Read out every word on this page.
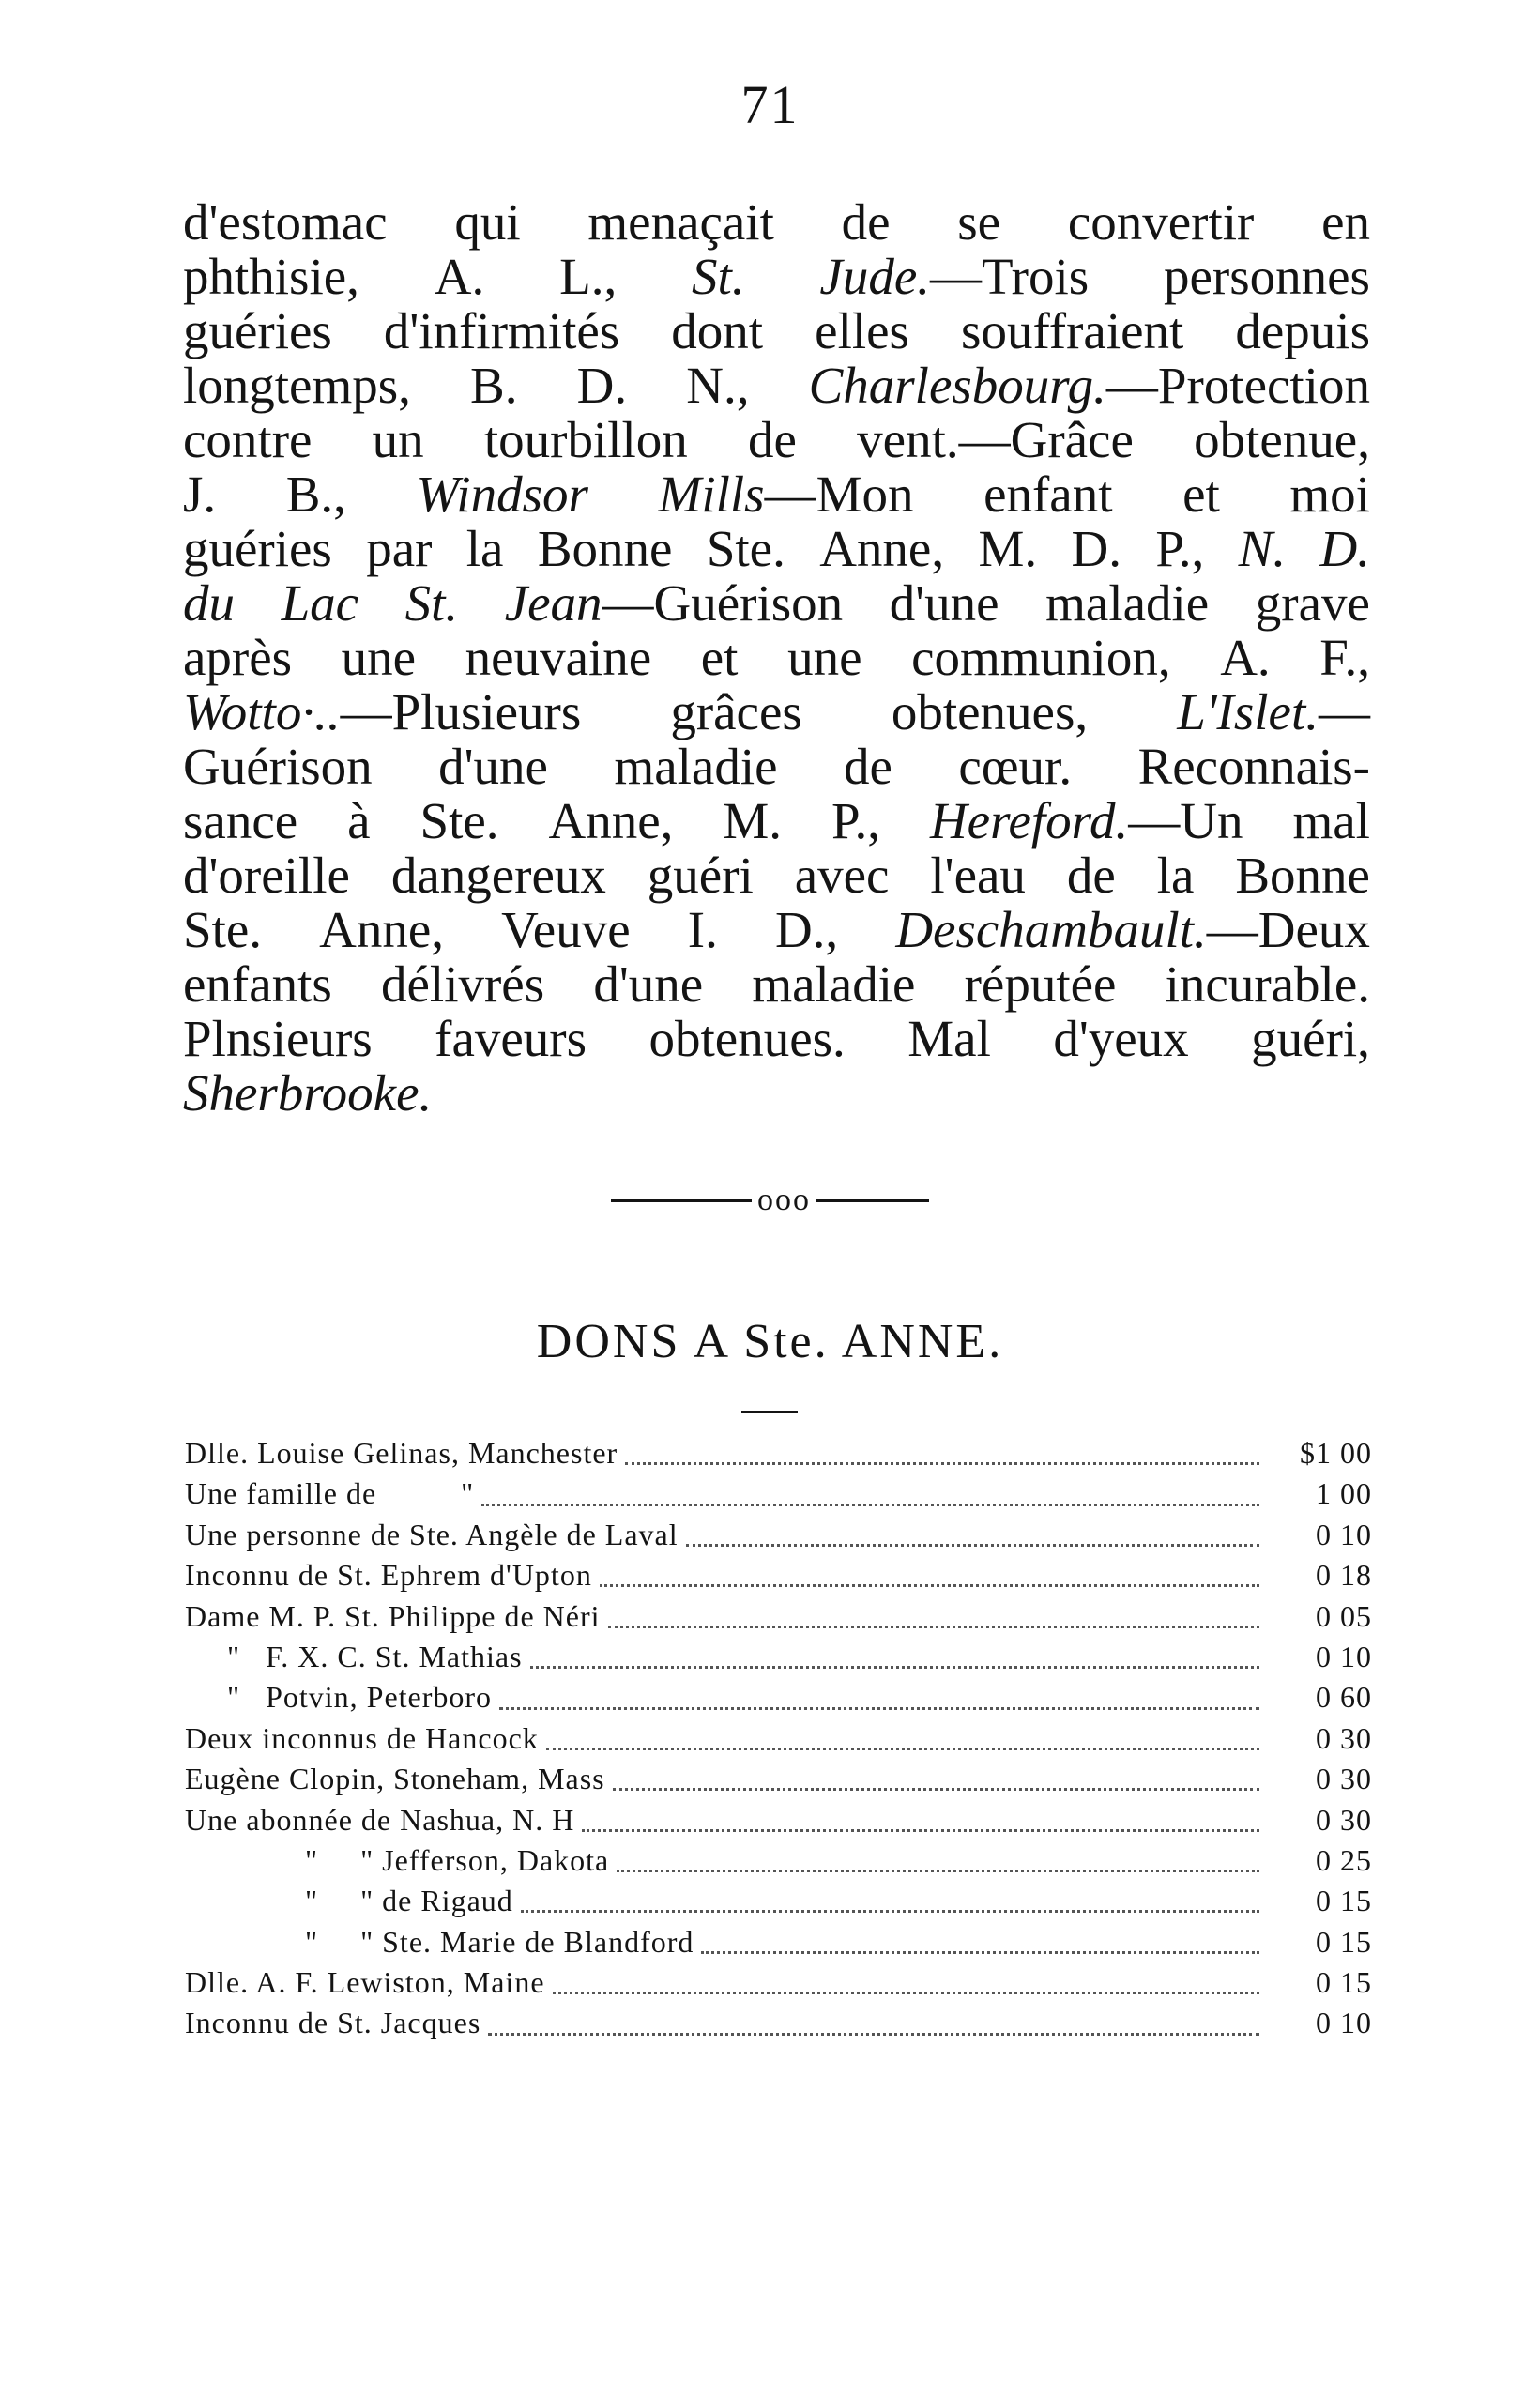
71
d'estomac qui menaçait de se convertir en
phthisie, A. L., St. Jude.—Trois personnes
guéries d'infirmités dont elles souffraient depuis
longtemps, B. D. N., Charlesbourg.—Protection
contre un tourbillon de vent.—Grâce obtenue,
J. B., Windsor Mills—Mon enfant et moi
guéries par la Bonne Ste. Anne, M. D. P., N. D.
du Lac St. Jean—Guérison d'une maladie grave
après une neuvaine et une communion, A. F.,
Wotto·..—Plusieurs grâces obtenues, L'Islet.—
Guérison d'une maladie de cœur. Reconnais-
sance à Ste. Anne, M. P., Hereford.—Un mal
d'oreille dangereux guéri avec l'eau de la Bonne
Ste. Anne, Veuve I. D., Deschambault.—Deux
enfants délivrés d'une maladie réputée incurable.
Plnsieurs faveurs obtenues. Mal d'yeux guéri,
Sherbrooke.
ooo
DONS A Ste. ANNE.
Dlle. Louise Gelinas, Manchester	$1 00
Une famille de          "	1 00
Une personne de Ste. Angèle de Laval	0 10
Inconnu de St. Ephrem d'Upton	0 18
Dame M. P. St. Philippe de Néri	0 05
"   F. X. C. St. Mathias	0 10
"   Potvin, Peterboro	0 60
Deux inconnus de Hancock	0 30
Eugène Clopin, Stoneham, Mass	0 30
Une abonnée de Nashua, N. H	0 30
"     " Jefferson, Dakota	0 25
"     " de Rigaud	0 15
"     " Ste. Marie de Blandford	0 15
Dlle. A. F. Lewiston, Maine	0 15
Inconnu de St. Jacques	0 10
